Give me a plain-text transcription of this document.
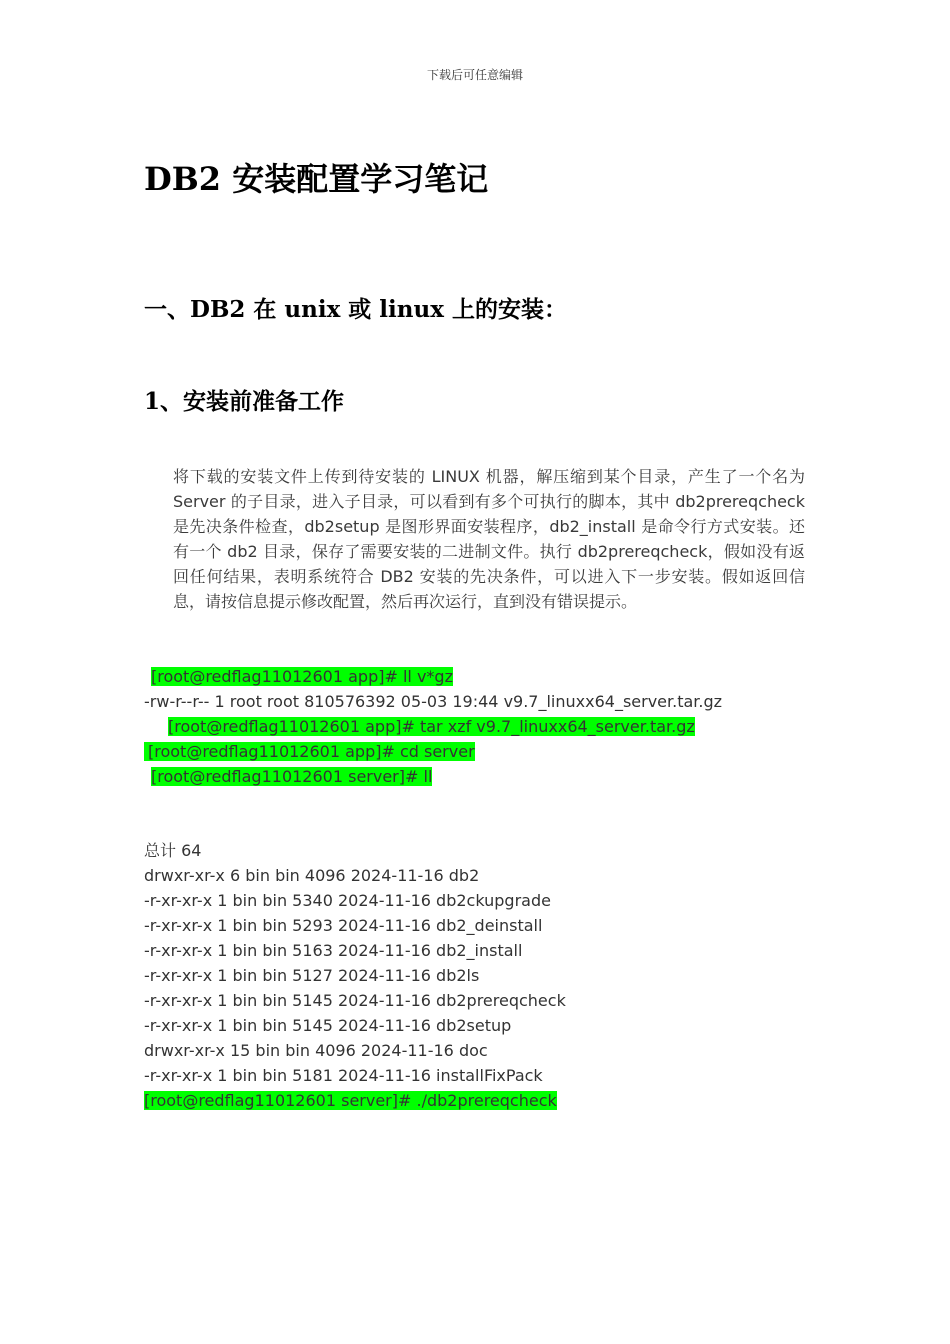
下载后可任意编辑
DB2 安装配置学习笔记
一、DB2 在 unix 或 linux 上的安装：
1、安装前准备工作

将下载的安装文件上传到待安装的 LINUX 机器，解压缩到某个目录，产生了一个名为 Server 的子目录，进入子目录，可以看到有多个可执行的脚本，其中 db2prereqcheck 是先决条件检查，db2setup 是图形界面安装程序，db2_install 是命令行方式安装。还有一个 db2 目录，保存了需要安装的二进制文件。执行 db2prereqcheck，假如没有返回任何结果，表明系统符合 DB2 安装的先决条件，可以进入下一步安装。假如返回信息，请按信息提示修改配置，然后再次运行，直到没有错误提示。

[root@redflag11012601 app]# ll v*gz
-rw-r--r-- 1 root root 810576392 05-03 19:44 v9.7_linuxx64_server.tar.gz
[root@redflag11012601 app]# tar xzf v9.7_linuxx64_server.tar.gz
[root@redflag11012601 app]# cd server
[root@redflag11012601 server]# ll
总计 64
drwxr-xr-x 6 bin bin 4096 2024-11-16 db2
-r-xr-xr-x 1 bin bin 5340 2024-11-16 db2ckupgrade
-r-xr-xr-x 1 bin bin 5293 2024-11-16 db2_deinstall
-r-xr-xr-x 1 bin bin 5163 2024-11-16 db2_install
-r-xr-xr-x 1 bin bin 5127 2024-11-16 db2ls
-r-xr-xr-x 1 bin bin 5145 2024-11-16 db2prereqcheck
-r-xr-xr-x 1 bin bin 5145 2024-11-16 db2setup
drwxr-xr-x 15 bin bin 4096 2024-11-16 doc
-r-xr-xr-x 1 bin bin 5181 2024-11-16 installFixPack
[root@redflag11012601 server]# ./db2prereqcheck
